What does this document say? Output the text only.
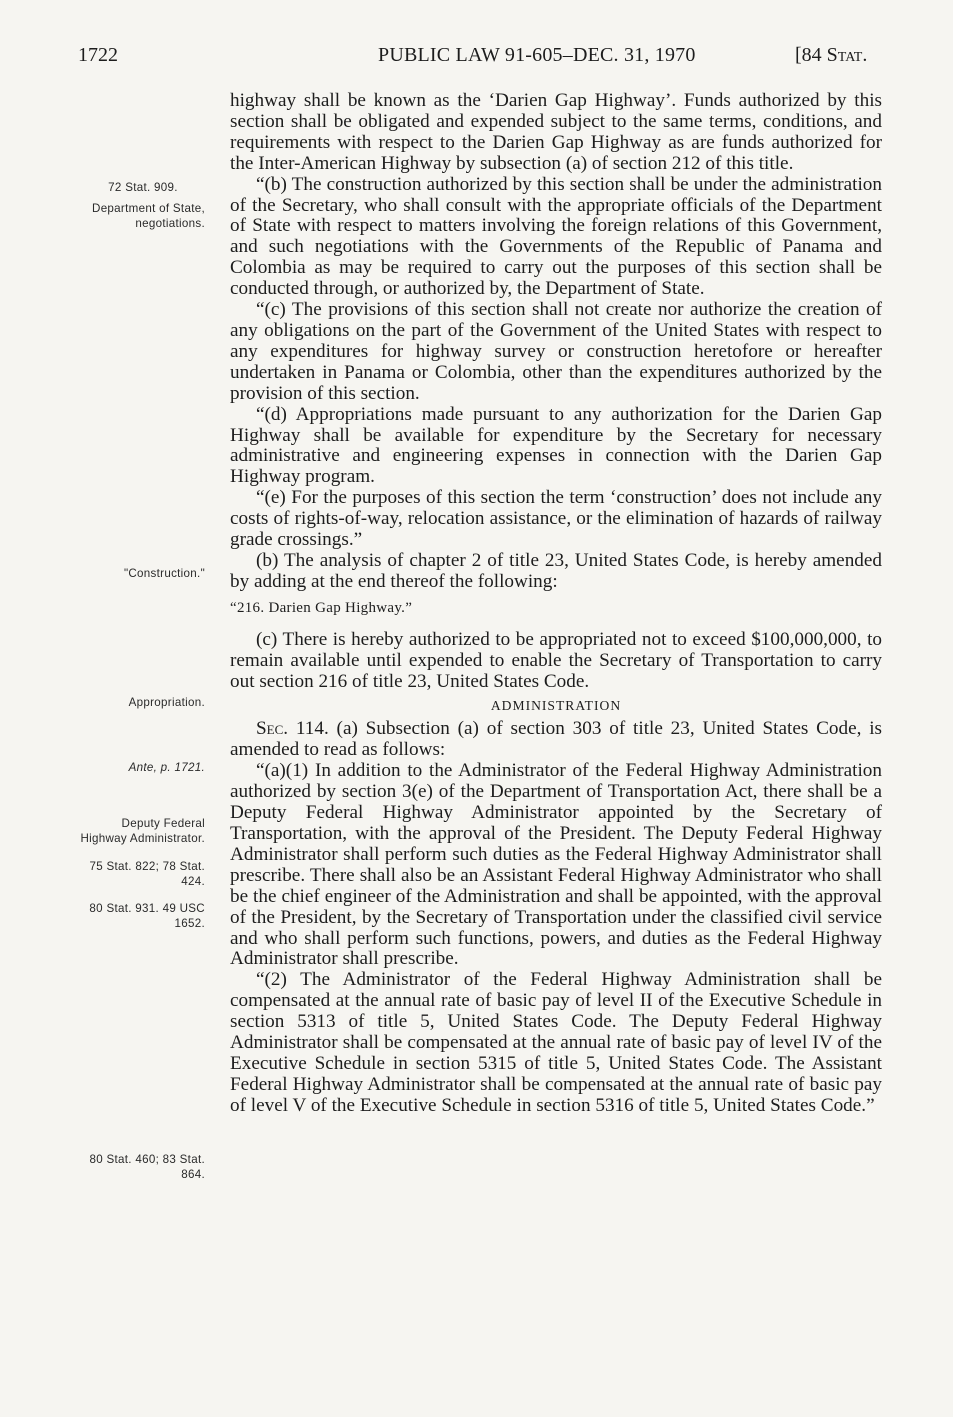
1722	PUBLIC LAW 91-605–DEC. 31, 1970	[84 Stat.
72 Stat. 909.
Department of State, negotiations.
"Construction."
Appropriation.
Ante, p. 1721.
Deputy Federal Highway Administrator.
75 Stat. 822; 78 Stat. 424.
80 Stat. 931. 49 USC 1652.
80 Stat. 460; 83 Stat. 864.

highway shall be known as the ‘Darien Gap Highway’. Funds authorized by this section shall be obligated and expended subject to the same terms, conditions, and requirements with respect to the Darien Gap Highway as are funds authorized for the Inter-American Highway by subsection (a) of section 212 of this title.

“(b) The construction authorized by this section shall be under the administration of the Secretary, who shall consult with the appropriate officials of the Department of State with respect to matters involving the foreign relations of this Government, and such negotiations with the Governments of the Republic of Panama and Colombia as may be required to carry out the purposes of this section shall be conducted through, or authorized by, the Department of State.

“(c) The provisions of this section shall not create nor authorize the creation of any obligations on the part of the Government of the United States with respect to any expenditures for highway survey or construction heretofore or hereafter undertaken in Panama or Colombia, other than the expenditures authorized by the provision of this section.

“(d) Appropriations made pursuant to any authorization for the Darien Gap Highway shall be available for expenditure by the Secretary for necessary administrative and engineering expenses in connection with the Darien Gap Highway program.

“(e) For the purposes of this section the term ‘construction’ does not include any costs of rights-of-way, relocation assistance, or the elimination of hazards of railway grade crossings.”

(b) The analysis of chapter 2 of title 23, United States Code, is hereby amended by adding at the end thereof the following:

“216. Darien Gap Highway.”

(c) There is hereby authorized to be appropriated not to exceed $100,000,000, to remain available until expended to enable the Secretary of Transportation to carry out section 216 of title 23, United States Code.

ADMINISTRATION

Sec. 114. (a) Subsection (a) of section 303 of title 23, United States Code, is amended to read as follows:

“(a)(1) In addition to the Administrator of the Federal Highway Administration authorized by section 3(e) of the Department of Transportation Act, there shall be a Deputy Federal Highway Administrator appointed by the Secretary of Transportation, with the approval of the President. The Deputy Federal Highway Administrator shall perform such duties as the Federal Highway Administrator shall prescribe. There shall also be an Assistant Federal Highway Administrator who shall be the chief engineer of the Administration and shall be appointed, with the approval of the President, by the Secretary of Transportation under the classified civil service and who shall perform such functions, powers, and duties as the Federal Highway Administrator shall prescribe.

“(2) The Administrator of the Federal Highway Administration shall be compensated at the annual rate of basic pay of level II of the Executive Schedule in section 5313 of title 5, United States Code. The Deputy Federal Highway Administrator shall be compensated at the annual rate of basic pay of level IV of the Executive Schedule in section 5315 of title 5, United States Code. The Assistant Federal Highway Administrator shall be compensated at the annual rate of basic pay of level V of the Executive Schedule in section 5316 of title 5, United States Code.”
